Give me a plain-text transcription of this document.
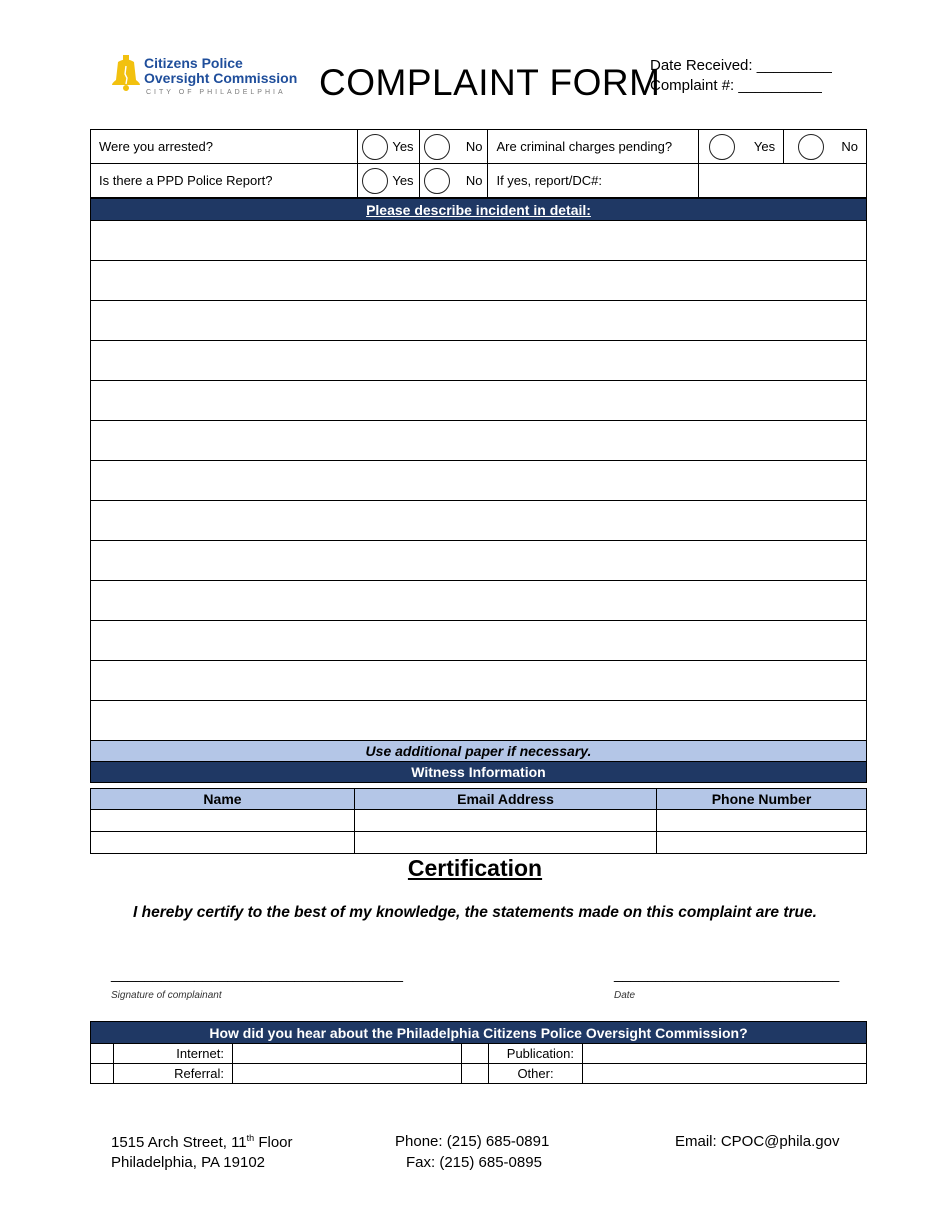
Citizens Police
Oversight Commission
CITY OF PHILADELPHIA COMPLAINT FORM
Date Received: _________
Complaint #: __________
Were you arrested?	Yes	No	Are criminal charges pending?	Yes	No

Is there a PPD Police Report?	Yes	No	If yes, report/DC#:		
Please describe incident in detail:

Use additional paper if necessary.
Witness Information
Name	Email Address	Phone Number

Certification
I hereby certify to the best of my knowledge, the statements made on this complaint are true.
___________________________________
Signature of complainant
___________________________
Date
How did you hear about the Philadelphia Citizens Police Oversight Commission?					
	Internet:			Publication:	
	Referral:			Other:	
1515 Arch Street, 11th Floor
Philadelphia, PA 19102
Phone: (215) 685-0891
Fax: (215) 685-0895
Email: CPOC@phila.gov
